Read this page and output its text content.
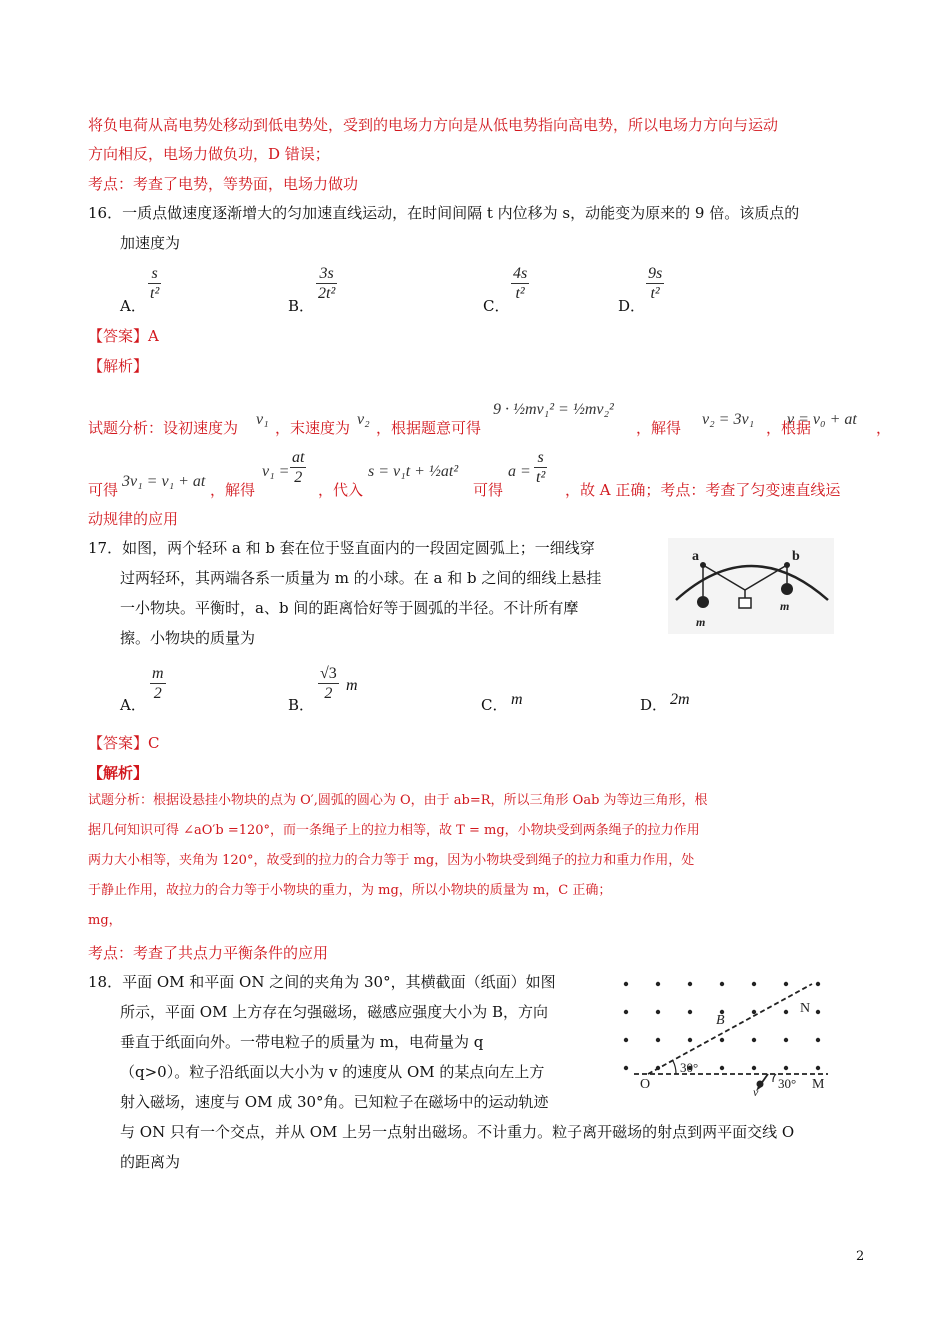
将负电荷从高电势处移动到低电势处，受到的电场力方向是从低电势指向高电势，所以电场力方向与运动
方向相反，电场力做负功，D 错误；
考点：考查了电势，等势面，电场力做功
16．一质点做速度逐渐增大的匀加速直线运动，在时间间隔 t 内位移为 s，动能变为原来的 9 倍。该质点的
加速度为
A．
$\frac{s}{\text{t²}}$
B．
$\frac{3s}{\text{2t²}}$
C．
$\frac{4s}{\text{t²}}$
D．
$\frac{9s}{\text{t²}}$
【答案】A
【解析】
试题分析：设初速度为 v₁ ，末速度为 v₂ ，根据题意可得
9 · ½mv₁² = ½mv₂²
，解得 v₂ = 3v₁ ，根据
v = v₀ + at ，
可得 3v₁ = v₁ + at ，解得
$v_1 = \frac{at}{2}$
，代入
s = v₁t + ½at²
可得
$a = \frac{s}{\text{t²}}$
，故 A 正确；考点：考查了匀变速直线运
动规律的应用
17．如图，两个轻环 a 和 b 套在位于竖直面内的一段固定圆弧上；一细线穿
过两轻环，其两端各系一质量为 m 的小球。在 a 和 b 之间的细线上悬挂
一小物块。平衡时，a、b 间的距离恰好等于圆弧的半径。不计所有摩
擦。小物块的质量为
a	b
m
m
A．
$\frac{m}{2}$
B．
$\frac{√3}{2}$ m
C． m	D． 2m
【答案】C
【解析】
试题分析：根据设悬挂小物块的点为 O′,圆弧的圆心为 O，由于 ab=R，所以三角形 Oab 为等边三角形，根
据几何知识可得 ∠aO′b =120°，而一条绳子上的拉力相等，故 T = mg，小物块受到两条绳子的拉力作用
两力大小相等，夹角为 120°，故受到的拉力的合力等于 mg，因为小物块受到绳子的拉力和重力作用，处
于静止作用，故拉力的合力等于小物块的重力，为 mg，所以小物块的质量为 m，C 正确；
mg，
考点：考查了共点力平衡条件的应用
18．平面 OM 和平面 ON 之间的夹角为 30°，其横截面（纸面）如图
所示，平面 OM 上方存在匀强磁场，磁感应强度大小为 B，方向
垂直于纸面向外。一带电粒子的质量为 m，电荷量为 q
（q>0）。粒子沿纸面以大小为 v 的速度从 OM 的某点向左上方
射入磁场，速度与 OM 成 30°角。已知粒子在磁场中的运动轨迹
与 ON 只有一个交点，并从 OM 上另一点射出磁场。不计重力。粒子离开磁场的射点到两平面交线 O
的距离为
N
B
O	M
v
30°
30°
2
